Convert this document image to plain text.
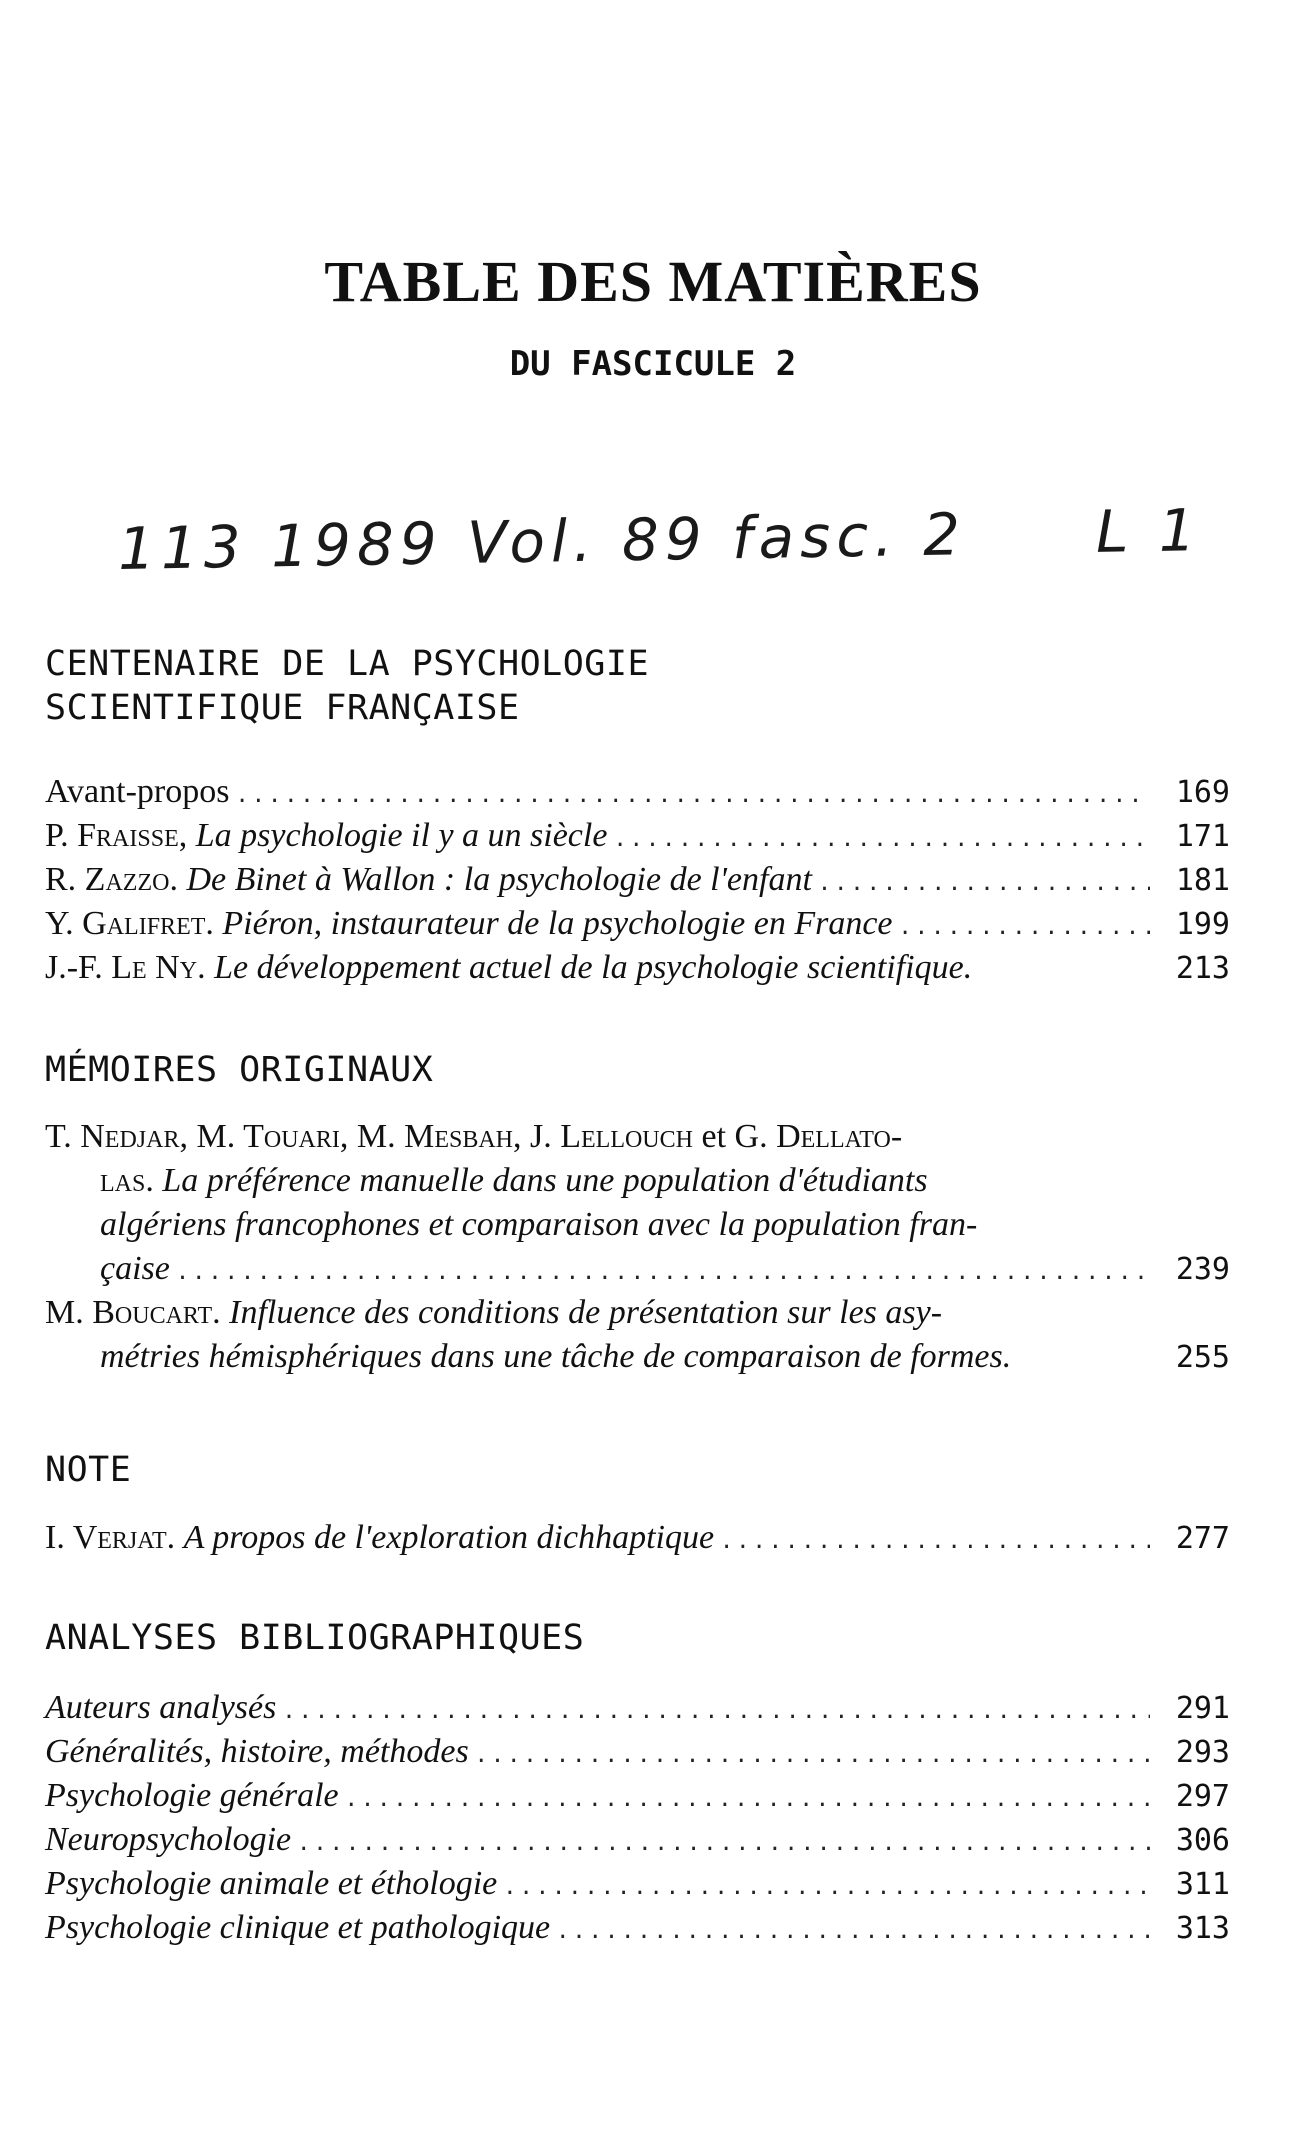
TABLE DES MATIÈRES
DU FASCICULE 2
113 1989 Vol. 89 fasc. 2 L 1
CENTENAIRE DE LA PSYCHOLOGIE
SCIENTIFIQUE FRANÇAISE
Avant-propos .....	169
P. Fraisse, La psychologie il y a un siècle .....	171
R. Zazzo. De Binet à Wallon : la psychologie de l'enfant .....	181
Y. Galifret. Piéron, instaurateur de la psychologie en France .....	199
J.-F. Le Ny. Le développement actuel de la psychologie scientifique.	213
MÉMOIRES ORIGINAUX
T. Nedjar, M. Touari, M. Mesbah, J. Lellouch et G. Dellato-
las. La préférence manuelle dans une population d'étudiants
algériens francophones et comparaison avec la population fran-
çaise .....	239
M. Boucart. Influence des conditions de présentation sur les asy-
métries hémisphériques dans une tâche de comparaison de formes.	255
NOTE
I. Verjat. A propos de l'exploration dichhaptique .....	277
ANALYSES BIBLIOGRAPHIQUES
Auteurs analysés .....	291
Généralités, histoire, méthodes .....	293
Psychologie générale .....	297
Neuropsychologie .....	306
Psychologie animale et éthologie .....	311
Psychologie clinique et pathologique .....	313
